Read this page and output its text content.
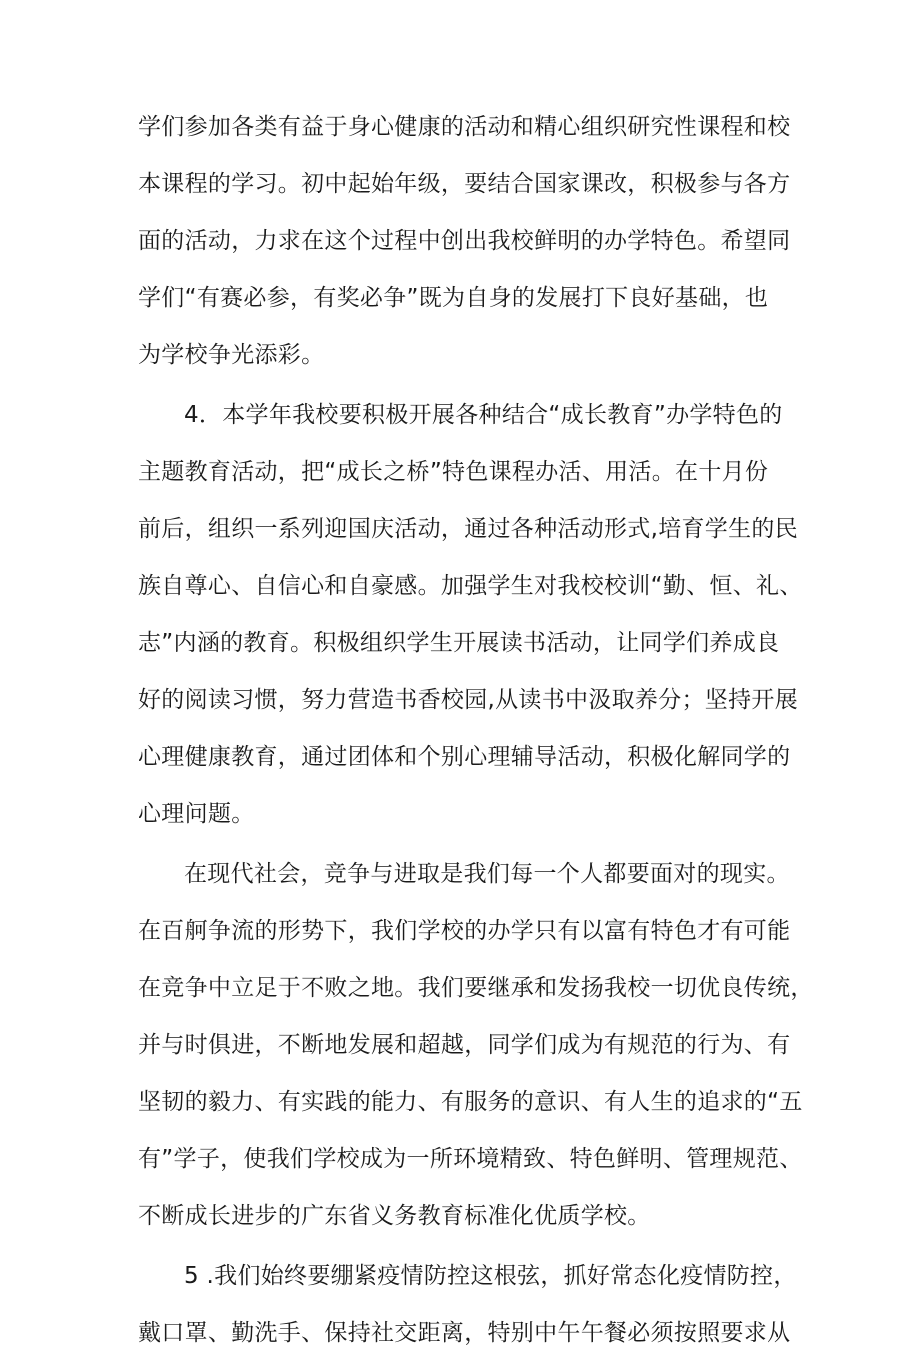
学们参加各类有益于身心健康的活动和精心组织研究性课程和校
本课程的学习。初中起始年级，要结合国家课改，积极参与各方
面的活动，力求在这个过程中创出我校鲜明的办学特色。希望同
学们“有赛必参，有奖必争”既为自身的发展打下良好基础，也
为学校争光添彩。
4．本学年我校要积极开展各种结合“成长教育”办学特色的
主题教育活动，把“成长之桥”特色课程办活、用活。在十月份
前后，组织一系列迎国庆活动，通过各种活动形式,培育学生的民
族自尊心、自信心和自豪感。加强学生对我校校训“勤、恒、礼、
志”内涵的教育。积极组织学生开展读书活动，让同学们养成良
好的阅读习惯，努力营造书香校园,从读书中汲取养分；坚持开展
心理健康教育，通过团体和个别心理辅导活动，积极化解同学的
心理问题。
在现代社会，竞争与进取是我们每一个人都要面对的现实。
在百舸争流的形势下，我们学校的办学只有以富有特色才有可能
在竞争中立足于不败之地。我们要继承和发扬我校一切优良传统，
并与时俱进，不断地发展和超越，同学们成为有规范的行为、有
坚韧的毅力、有实践的能力、有服务的意识、有人生的追求的“五
有”学子，使我们学校成为一所环境精致、特色鲜明、管理规范、
不断成长进步的广东省义务教育标准化优质学校。
5 .我们始终要绷紧疫情防控这根弦，抓好常态化疫情防控，
戴口罩、勤洗手、保持社交距离，特别中午午餐必须按照要求从
